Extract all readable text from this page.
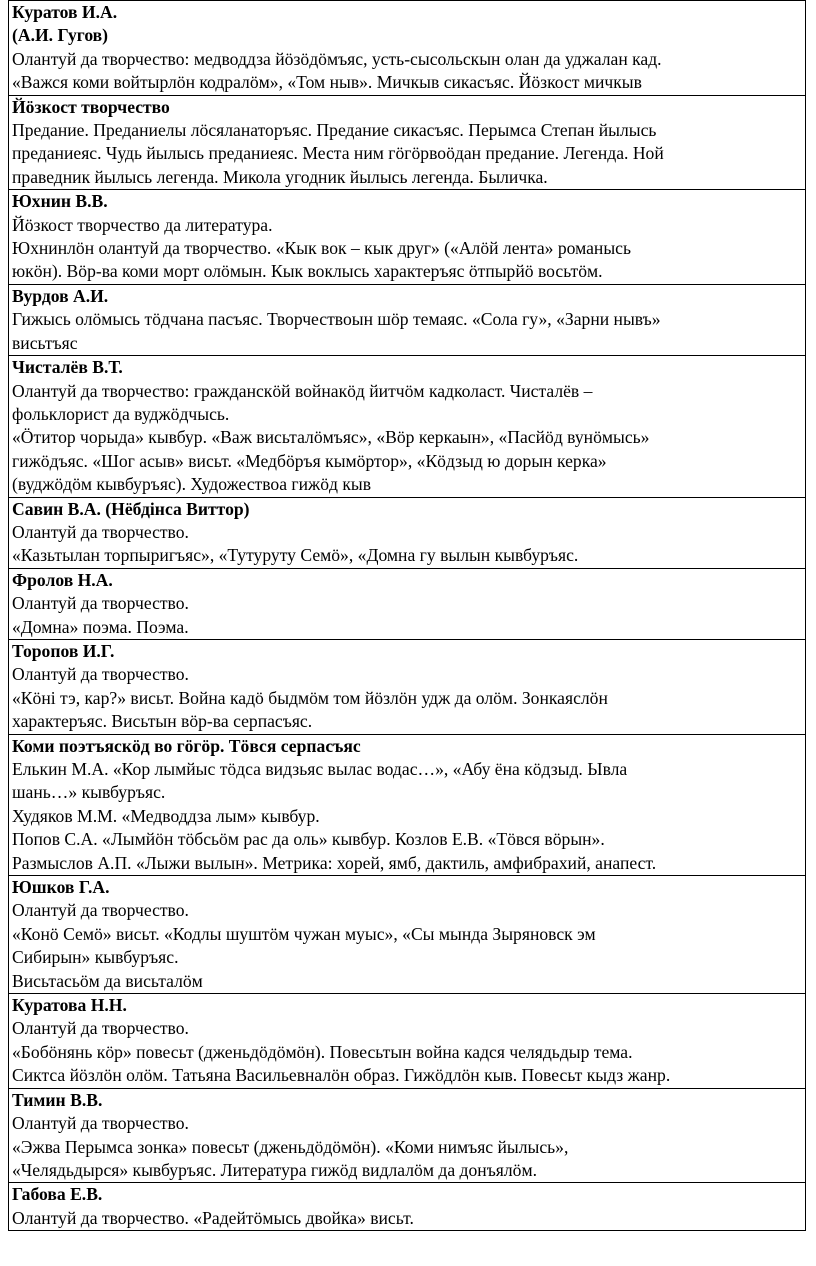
Куратов И.А.
(А.И. Гугов)
Олантуй да творчество: медводдза йöзöдöмъяс, усть-сысольскын олан да уджалан кад.
«Важся коми войтырлöн кодралöм», «Том ныв». Мичкыв сикасъяс. Йöзкост мичкыв
Йöзкост творчество
Предание. Преданиелы лöсяланаторъяс. Предание сикасъяс. Перымса Степан йылысь
преданиеяс. Чудь йылысь преданиеяс. Места ним гöгöрвоöдан предание. Легенда. Ной
праведник йылысь легенда. Миколa угодник йылысь легенда. Быличка.
Юхнин В.В.
Йöзкост творчество да литература.
Юхнинлöн олантуй да творчество. «Кык вок – кык друг» («Алöй лента» романысь
юкöн). Вöр-ва коми морт олöмын. Кык воклысь характеръяс öтпырйö восьтöм.
Вурдов А.И.
Гижысь олöмысь тöдчана пасъяс. Творчествоын шöр темаяс. «Сола гу», «Зарни нывъ»
висьтъяс
Чисталёв В.Т.
Олантуй да творчество: гражданскöй войнакöд йитчöм кадколаст. Чисталёв –
фольклорист да вуджöдчысь.
«Öтитор чорыда» кывбур. «Важ висьталöмъяс», «Вöр керкаын», «Пасйöд вунöмысь»
гижöдъяс. «Шог асыв» висьт. «Медбöръя кымöртор», «Кöдзыд ю дорын керка»
(вуджöдöм кывбуръяс). Художествоа гижöд кыв
Савин В.А. (Нёбдінса Виттор)
Олантуй да творчество.
«Казьтылан торпыригъяс», «Тутуруту Семö», «Домна гу вылын кывбуръяс.
Фролов Н.А.
Олантуй да творчество.
«Домна» поэма. Поэма.
Торопов И.Г.
Олантуй да творчество.
«Кöні тэ, кар?» висьт. Война кадö быдмöм том йöзлöн удж да олöм. Зонкаяслöн
характеръяс. Висьтын вöр-ва серпасъяс.
Коми поэтъяскöд во гöгöр. Тöвся серпасъяс
Елькин М.А. «Кор лымйыс тöдса видзьяс вылас водас…», «Абу ёна кöдзыд. Ывла
шань…» кывбуръяс.
Худяков М.М. «Медводдза лым» кывбур.
Попов С.А. «Лымйöн тöбсьöм рас да оль» кывбур. Козлов Е.В. «Тöвся вöрын».
Размыслов А.П. «Лыжи вылын». Метрика: хорей, ямб, дактиль, амфибрахий, анапест.
Юшков Г.А.
Олантуй да творчество.
«Конö Семö» висьт. «Кодлы шуштöм чужан муыс», «Сы мында Зыряновск эм
Сибирын» кывбуръяс.
Висьтасьöм да висьталöм
Куратова Н.Н.
Олантуй да творчество.
«Бобöнянь кöр» повесьт (дженьдöдöмöн). Повесьтын война кадся челядьдыр тема.
Сиктса йöзлöн олöм. Татьяна Васильевналöн образ. Гижöдлöн кыв. Повесьт кыдз жанр.
Тимин В.В.
Олантуй да творчество.
«Эжва Перымса зонка» повесьт (дженьдöдöмöн). «Коми нимъяс йылысь»,
«Челядьдырся» кывбуръяс. Литература гижöд видлалöм да донъялöм.
Габова Е.В.
Олантуй да творчество. «Радейтöмысь двойка» висьт.
